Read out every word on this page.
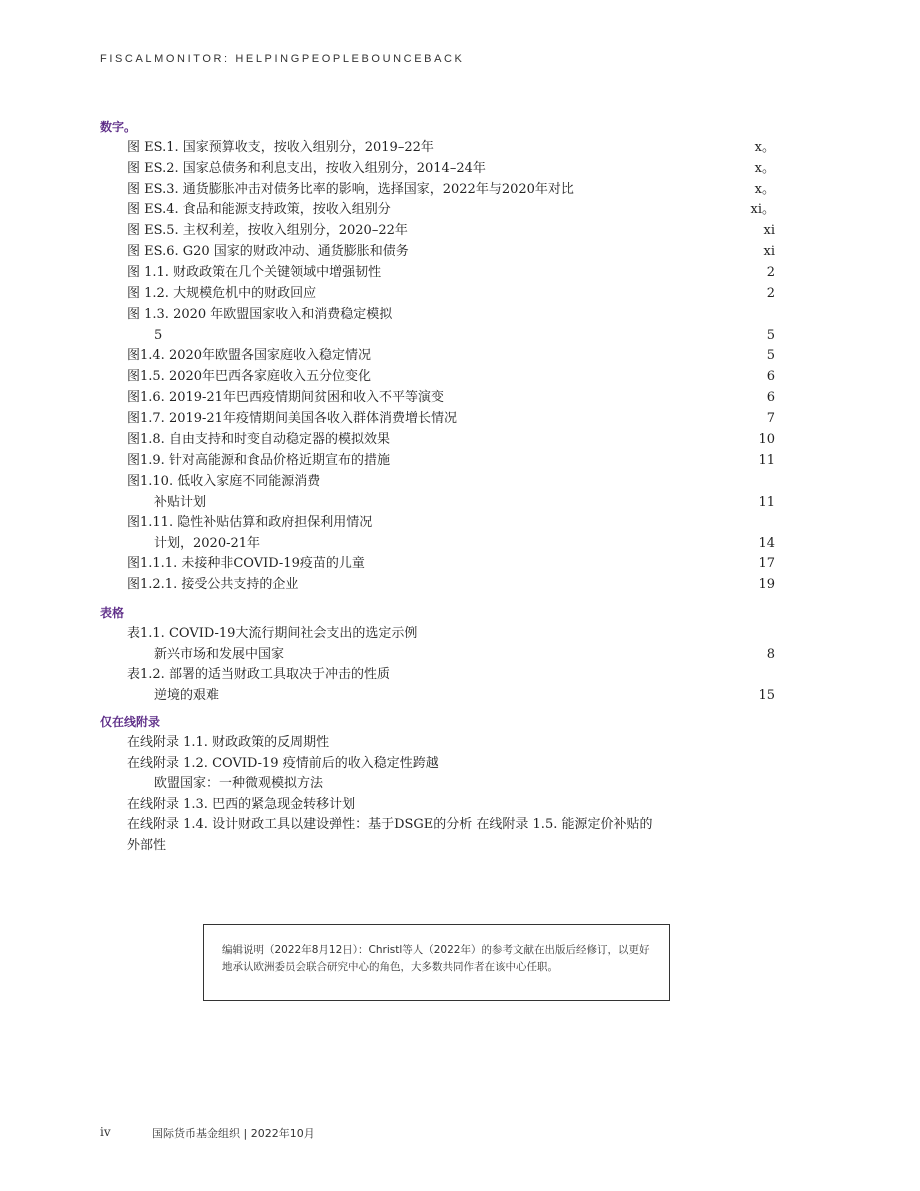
FISCALMONITOR: HELPINGPEOPLEBOUNCEBACK
数字。
图 ES.1. 国家预算收支，按收入组别分，2019–22年	x。
图 ES.2. 国家总债务和利息支出，按收入组别分，2014–24年	x。
图 ES.3. 通货膨胀冲击对债务比率的影响，选择国家，2022年与2020年对比	x。
图 ES.4. 食品和能源支持政策，按收入组别分	xi。
图 ES.5. 主权利差，按收入组别分，2020–22年	xi
图 ES.6. G20 国家的财政冲动、通货膨胀和债务	xi
图 1.1. 财政政策在几个关键领域中增强韧性	2
图 1.2. 大规模危机中的财政回应	2
图 1.3. 2020 年欧盟国家收入和消费稳定模拟
5	5
图1.4. 2020年欧盟各国家庭收入稳定情况	5
图1.5. 2020年巴西各家庭收入五分位变化	6
图1.6. 2019-21年巴西疫情期间贫困和收入不平等演变	6
图1.7. 2019-21年疫情期间美国各收入群体消费增长情况	7
图1.8. 自由支持和时变自动稳定器的模拟效果	10
图1.9. 针对高能源和食品价格近期宣布的措施	11
图1.10. 低收入家庭不同能源消费
补贴计划	11
图1.11. 隐性补贴估算和政府担保利用情况
计划，2020-21年	14
图1.1.1. 未接种非COVID-19疫苗的儿童	17
图1.2.1. 接受公共支持的企业	19
表格
表1.1. COVID-19大流行期间社会支出的选定示例
新兴市场和发展中国家	8
表1.2. 部署的适当财政工具取决于冲击的性质
逆境的艰难	15
仅在线附录
在线附录 1.1. 财政政策的反周期性
在线附录 1.2. COVID-19 疫情前后的收入稳定性跨越
欧盟国家：一种微观模拟方法
在线附录 1.3. 巴西的紧急现金转移计划
在线附录 1.4. 设计财政工具以建设弹性：基于DSGE的分析 在线附录 1.5. 能源定价补贴的
外部性
编辑说明（2022年8月12日）：Christl等人（2022年）的参考文献在出版后经修订，以更好地承认欧洲委员会联合研究中心的角色，大多数共同作者在该中心任职。
iv	国际货币基金组织 | 2022年10月
